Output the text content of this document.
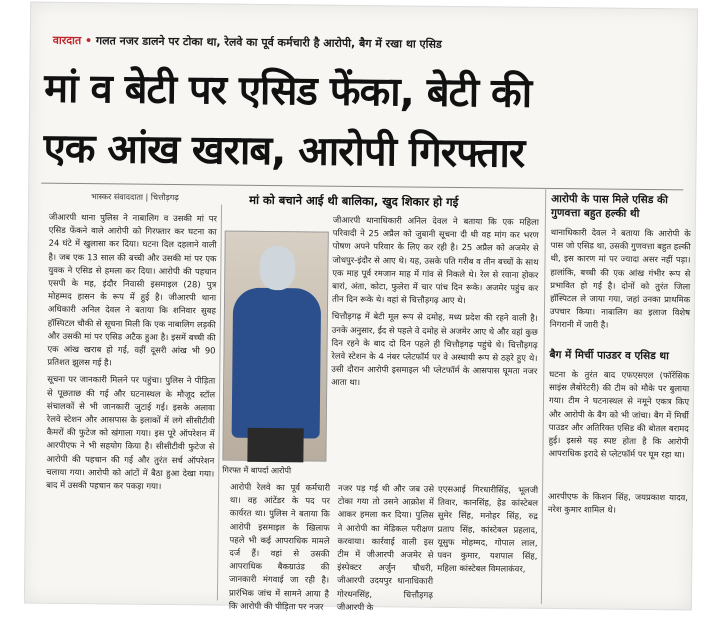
वारदात • गलत नजर डालने पर टोका था, रेलवे का पूर्व कर्मचारी है आरोपी, बैग में रखा था एसिड
मां व बेटी पर एसिड फेंका, बेटी की
एक आंख खराब, आरोपी गिरफ्तार
भास्कर संवाददाता | चित्तौड़गढ़	मां को बचाने आई थी बालिका, खुद शिकार हो गई

जीआरपी थाना पुलिस ने नाबालिग व उसकी मां पर एसिड फेंकने वाले आरोपी को गिरफ्तार कर घटना का 24 घंटे में खुलासा कर दिया। घटना दिल दहलाने वाली है। जब एक 13 साल की बच्ची और उसकी मां पर एक युवक ने एसिड से हमला कर दिया। आरोपी की पहचान एसपी के मह, इंदौर निवासी इसमाइल (28) पुत्र मोहम्मद हासन के रूप में हुई है। जीआरपी थाना अधिकारी अनिल देवल ने बताया कि शनिवार सुबह हॉस्पिटल चौकी से सूचना मिली कि एक नाबालिग लड़की और उसकी मां पर एसिड अटैक हुआ है। इसमें बच्ची की एक आंख खराब हो गई, वहीं दूसरी आंख भी 90 प्रतिशत झुलस गई है।

सूचना पर जानकारी मिलने पर पहुंचा। पुलिस ने पीड़िता से पूछताछ की गई और घटनास्थल के मौजूद स्टॉल संचालकों से भी जानकारी जुटाई गई। इसके अलावा रेलवे स्टेशन और आसपास के इलाकों में लगे सीसीटीवी कैमरों की फुटेज को खंगाला गया। इस पूरे ऑपरेशन में आरपीएफ ने भी सहयोग किया है। सीसीटीवी फुटेज से आरोपी की पहचान की गई और तुरंत सर्च ऑपरेशन चलाया गया। आरोपी को आंटों में बैठा हुआ देखा गया। बाद में उसकी पहचान कर पकड़ा गया।

गिरफ्त में बापर्दा आरोपी

जीआरपी थानाधिकारी अनिल देवल ने बताया कि एक महिला परिवादी ने 25 अप्रैल को जुबानी सूचना दी थी वह मांग कर भरण पोषण अपने परिवार के लिए कर रही है। 25 अप्रैल को अजमेर से जोधपुर-इंदौर से आए थे। यह, उसके पति गरीब व तीन बच्चों के साथ एक माह पूर्व रमजान माह में गांव से निकले थे। रेल से रवाना होकर बारां, अंता, कोटा, फुलेरा में चार पांच दिन रूके। अजमेर पहुंच कर तीन दिन रूके थे। वहां से चित्तौड़गढ़ आए थे।

चित्तौड़गढ़ में बेटी मूल रूप से दमोह, मध्य प्रदेश की रहने वाली है। उनके अनुसार, ईद से पहले वे दमोह से अजमेर आए थे और वहां कुछ दिन रहने के बाद दो दिन पहले ही चित्तौड़गढ़ पहुंचे थे। चित्तौड़गढ़ रेलवे स्टेशन के 4 नंबर प्लेटफॉर्म पर वे अस्थायी रूप से ठहरे हुए थे। उसी दौरान आरोपी इसमाइल भी प्लेटफॉर्म के आसपास घूमता नजर आता था।

आरोपी के पास मिले एसिड की गुणवत्ता बहुत हल्की थी
थानाधिकारी देवल ने बताया कि आरोपी के पास जो एसिड था, उसकी गुणवत्ता बहुत हल्की थी, इस कारण मां पर ज्यादा असर नहीं पड़ा। हालांकि, बच्ची की एक आंख गंभीर रूप से प्रभावित हो गई है। दोनों को तुरंत जिला हॉस्पिटल ले जाया गया, जहां उनका प्राथमिक उपचार किया। नाबालिग का इलाज विशेष निगरानी में जारी है।
बैग में मिर्ची पाउडर व एसिड था
घटना के तुरंत बाद एफएसएल (फॉरेंसिक साइंस लैबोरेटरी) की टीम को मौके पर बुलाया गया। टीम ने घटनास्थल से नमूने एकत्र किए और आरोपी के बैग को भी जांचा। बैग में मिर्ची पाउडर और अतिरिक्त एसिड की बोतल बरामद हुई। इससे यह स्पष्ट होता है कि आरोपी आपराधिक इरादे से प्लेटफॉर्म पर घूम रहा था।
आरोपी रेलवे का पूर्व कर्मचारी था। वह आंटेंडर के पद पर कार्यरत था। पुलिस ने बताया कि आरोपी इसमाइल के खिलाफ पहले भी कई आपराधिक मामले दर्ज हैं। वहां से उसकी आपराधिक बैकग्राउंड की जानकारी मंगवाई जा रही है। प्रारंभिक जांच में सामने आया है कि आरोपी की पीड़िता पर नजर
नजर पड़ गई थी और जब उसे टोका गया तो उसने आक्रोश में आकर हमला कर दिया। पुलिस ने आरोपी का मेडिकल परीक्षण करवाया। कार्रवाई वाली इस टीम में जीआरपी अजमेर से इंस्पेक्टर अर्जुन चौधरी, जीआरपी उदयपुर थानाधिकारी गोरधनसिंह, चित्तौड़गढ़ जीआरपी के
एएसआई गिरधारीसिंह, भूलजी तिवार, कानसिंह, हेड कांस्टेबल सुमेर सिंह, मनोहर सिंह, रुद्र प्रताप सिंह, कांस्टेबल प्रहलाद, यूसुफ मोहम्मद, गोपाल लाल, पवन कुमार, यशपाल सिंह, महिला कांस्टेबल विमलाकंवर,
आरपीएफ के किशन सिंह, जयप्रकाश यादव, नरेश कुमार शामिल थे।
